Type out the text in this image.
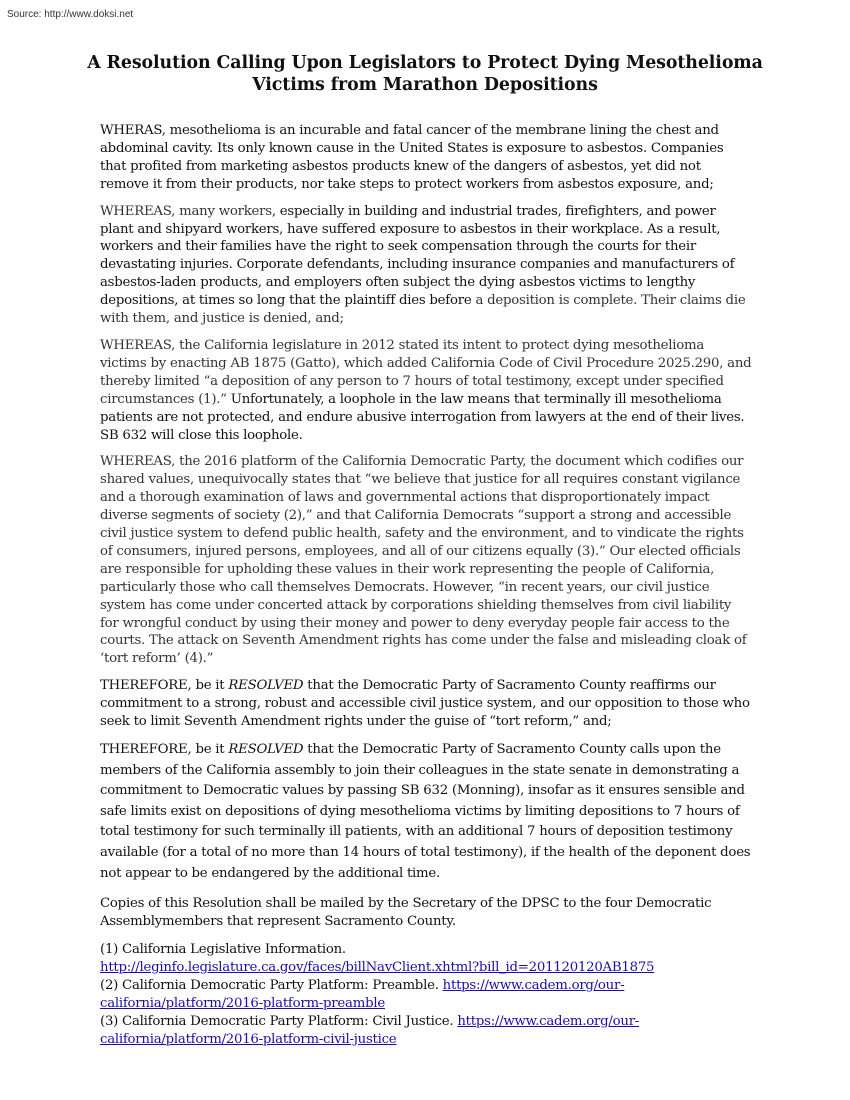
Source: http://www.doksi.net
A Resolution Calling Upon Legislators to Protect Dying Mesothelioma
Victims from Marathon Depositions

WHERAS, mesothelioma is an incurable and fatal cancer of the membrane lining the chest and abdominal cavity. Its only known cause in the United States is exposure to asbestos. Companies that profited from marketing asbestos products knew of the dangers of asbestos, yet did not remove it from their products, nor take steps to protect workers from asbestos exposure, and;

WHEREAS, many workers, especially in building and industrial trades, firefighters, and power plant and shipyard workers, have suffered exposure to asbestos in their workplace. As a result, workers and their families have the right to seek compensation through the courts for their devastating injuries. Corporate defendants, including insurance companies and manufacturers of asbestos-laden products, and employers often subject the dying asbestos victims to lengthy depositions, at times so long that the plaintiff dies before a deposition is complete. Their claims die with them, and justice is denied, and;

WHEREAS, the California legislature in 2012 stated its intent to protect dying mesothelioma victims by enacting AB 1875 (Gatto), which added California Code of Civil Procedure 2025.290, and thereby limited “a deposition of any person to 7 hours of total testimony, except under specified circumstances (1).” Unfortunately, a loophole in the law means that terminally ill mesothelioma patients are not protected, and endure abusive interrogation from lawyers at the end of their lives. SB 632 will close this loophole.

WHEREAS, the 2016 platform of the California Democratic Party, the document which codifies our shared values, unequivocally states that “we believe that justice for all requires constant vigilance and a thorough examination of laws and governmental actions that disproportionately impact diverse segments of society (2),” and that California Democrats “support a strong and accessible civil justice system to defend public health, safety and the environment, and to vindicate the rights of consumers, injured persons, employees, and all of our citizens equally (3).” Our elected officials are responsible for upholding these values in their work representing the people of California, particularly those who call themselves Democrats. However, “in recent years, our civil justice system has come under concerted attack by corporations shielding themselves from civil liability for wrongful conduct by using their money and power to deny everyday people fair access to the courts. The attack on Seventh Amendment rights has come under the false and misleading cloak of ‘tort reform’ (4).”

THEREFORE, be it RESOLVED that the Democratic Party of Sacramento County reaffirms our commitment to a strong, robust and accessible civil justice system, and our opposition to those who seek to limit Seventh Amendment rights under the guise of “tort reform,” and;

THEREFORE, be it RESOLVED that the Democratic Party of Sacramento County calls upon the members of the California assembly to join their colleagues in the state senate in demonstrating a commitment to Democratic values by passing SB 632 (Monning), insofar as it ensures sensible and safe limits exist on depositions of dying mesothelioma victims by limiting depositions to 7 hours of total testimony for such terminally ill patients, with an additional 7 hours of deposition testimony available (for a total of no more than 14 hours of total testimony), if the health of the deponent does not appear to be endangered by the additional time.

Copies of this Resolution shall be mailed by the Secretary of the DPSC to the four Democratic Assemblymembers that represent Sacramento County.

(1) California Legislative Information.
http://leginfo.legislature.ca.gov/faces/billNavClient.xhtml?bill_id=201120120AB1875
(2) California Democratic Party Platform: Preamble. https://www.cadem.org/our-california/platform/2016-platform-preamble
(3) California Democratic Party Platform: Civil Justice. https://www.cadem.org/our-california/platform/2016-platform-civil-justice
